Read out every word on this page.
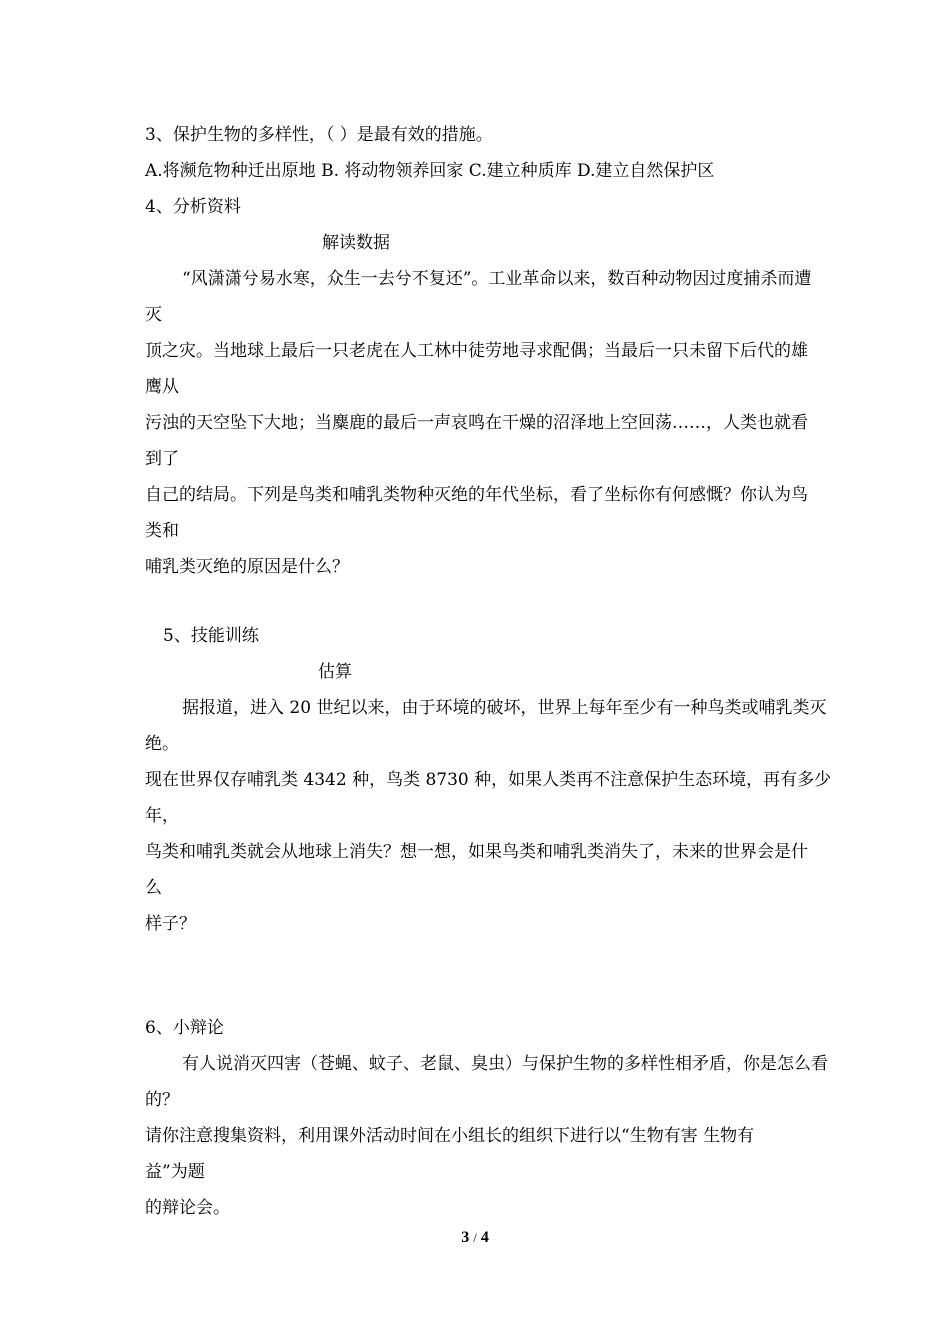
3、保护生物的多样性，（ ）是最有效的措施。
A.将濒危物种迁出原地 B. 将动物领养回家 C.建立种质库 D.建立自然保护区
4、分析资料
解读数据
“风潇潇兮易水寒，众生一去兮不复还”。工业革命以来，数百种动物因过度捕杀而遭
灭
顶之灾。当地球上最后一只老虎在人工林中徒劳地寻求配偶；当最后一只未留下后代的雄
鹰从
污浊的天空坠下大地；当麋鹿的最后一声哀鸣在干燥的沼泽地上空回荡……，人类也就看
到了
自己的结局。下列是鸟类和哺乳类物种灭绝的年代坐标，看了坐标你有何感慨？你认为鸟
类和
哺乳类灭绝的原因是什么？
5、技能训练
估算
据报道，进入 20 世纪以来，由于环境的破坏，世界上每年至少有一种鸟类或哺乳类灭
绝。
现在世界仅存哺乳类 4342 种，鸟类 8730 种，如果人类再不注意保护生态环境，再有多少
年，
鸟类和哺乳类就会从地球上消失？想一想，如果鸟类和哺乳类消失了，未来的世界会是什
么
样子？
6、小辩论
有人说消灭四害（苍蝇、蚊子、老鼠、臭虫）与保护生物的多样性相矛盾，你是怎么看
的？
请你注意搜集资料，利用课外活动时间在小组长的组织下进行以“生物有害 生物有
益”为题
的辩论会。
3 / 4
